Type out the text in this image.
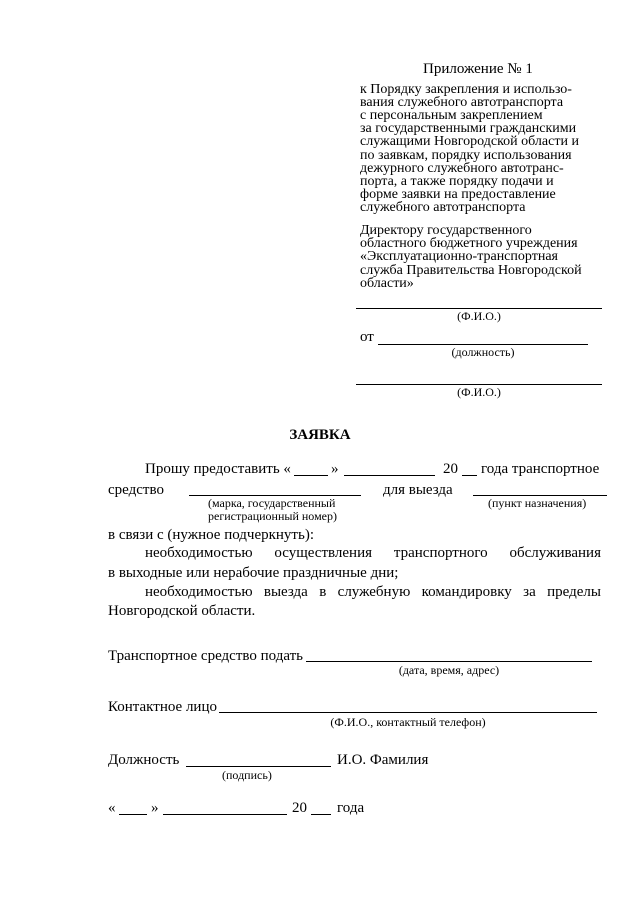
Приложение № 1
к Порядку закрепления и использо-
вания служебного автотранспорта
с персональным закреплением
за государственными гражданскими
служащими Новгородской области и
по заявкам, порядку использования
дежурного служебного автотранс-
порта, а также порядку подачи и
форме заявки на предоставление
служебного автотранспорта
Директору государственного
областного бюджетного учреждения
«Эксплуатационно-транспортная
служба Правительства Новгородской
области»
(Ф.И.О.)
от
(должность)
(Ф.И.О.)
ЗАЯВКА
Прошу предоставить «	»	20 года транспортное
средство	для выезда
(марка, государственный
регистрационный номер)
(пункт назначения)
в связи с (нужное подчеркнуть):
необходимостью осуществления транспортного обслуживания
в выходные или нерабочие праздничные дни;
необходимостью выезда в служебную командировку за пределы
Новгородской области.
Транспортное средство подать
(дата, время, адрес)
Контактное лицо
(Ф.И.О., контактный телефон)
Должность	И.О. Фамилия
(подпись)
« »	20 года
